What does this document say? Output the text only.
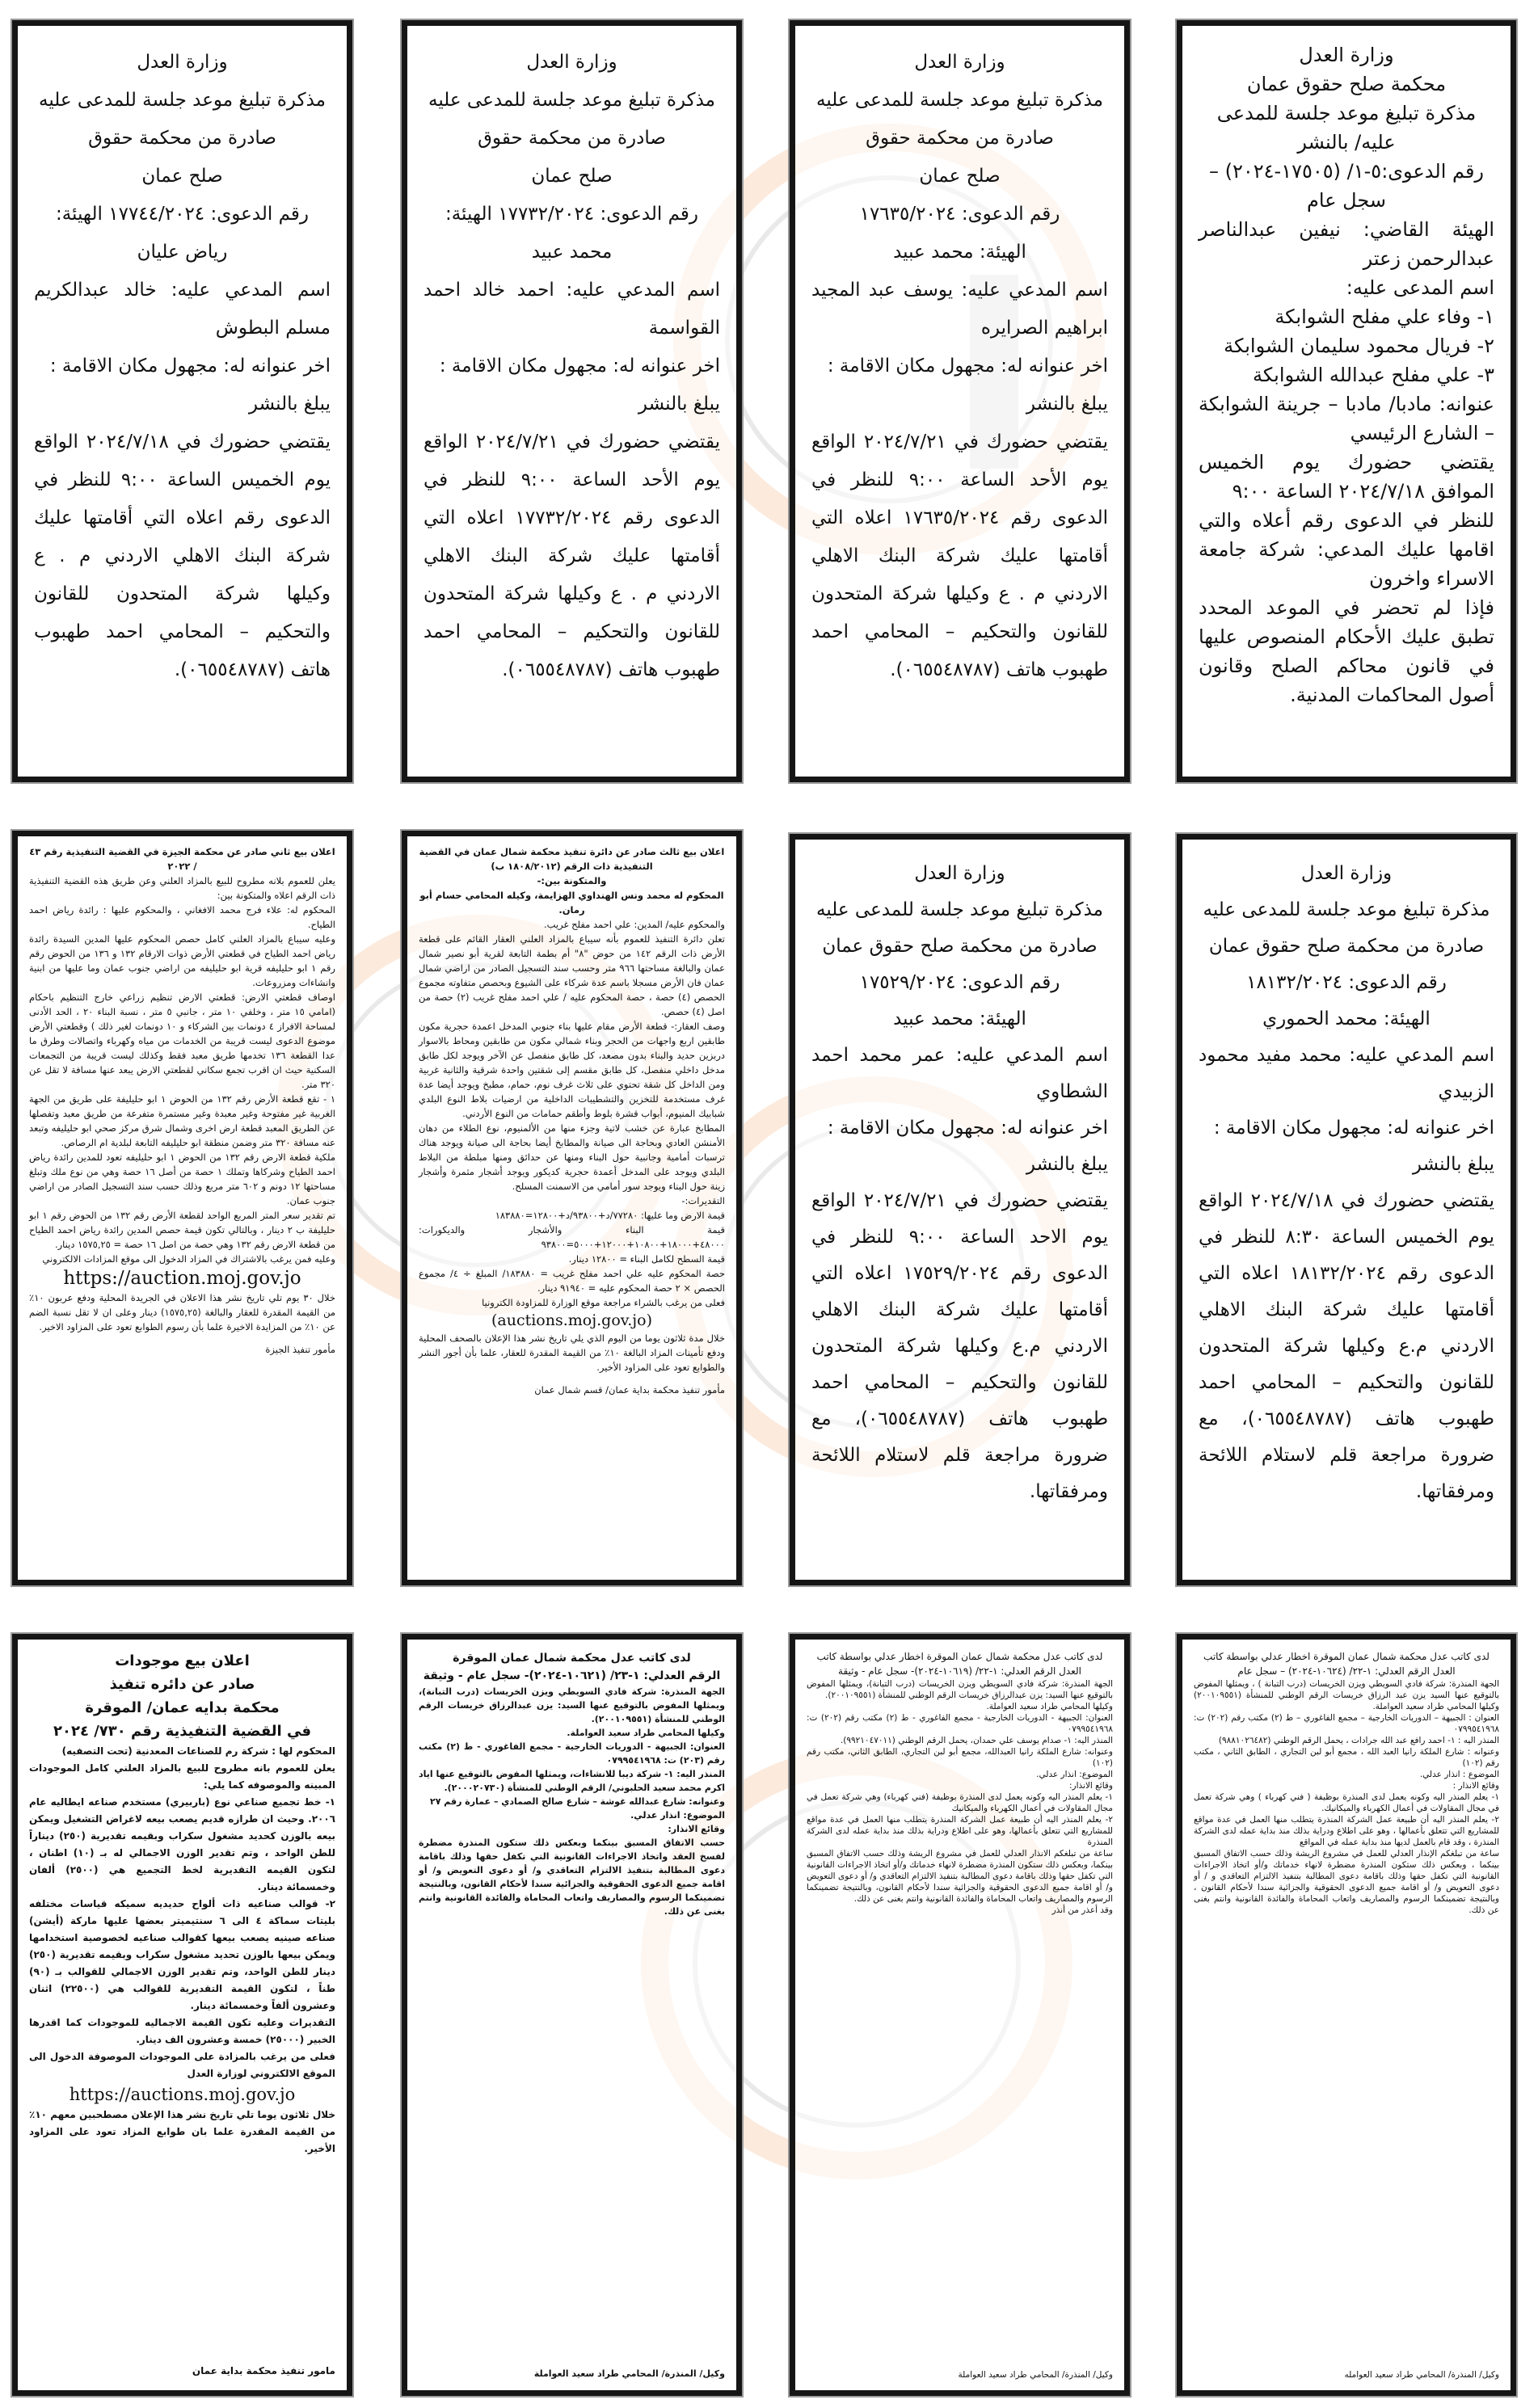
وزارة العدل

محكمة صلح حقوق عمان

مذكرة تبليغ موعد جلسة للمدعى عليه/ بالنشر

رقم الدعوى:٥-١/ (١٧٥٠٥-٢٠٢٤) – سجل عام

الهيئة القاضي: نيفين عبدالناصر عبدالرحمن زعتر

اسم المدعى عليه:

١- وفاء علي مفلح الشوابكة

٢- فريال محمود سليمان الشوابكة

٣- علي مفلح عبدالله الشوابكة

عنوانه: مادبا/ مادبا – جرينة الشوابكة – الشارع الرئيسي

يقتضي حضورك يوم الخميس الموافق ٢٠٢٤/٧/١٨ الساعة ٩:٠٠

للنظر في الدعوى رقم أعلاه والتي اقامها عليك المدعي: شركة جامعة الاسراء واخرون

فإذا لم تحضر في الموعد المحدد تطبق عليك الأحكام المنصوص عليها في قانون محاكم الصلح وقانون أصول المحاكمات المدنية.

وزارة العدل

مذكرة تبليغ موعد جلسة للمدعى عليه

صادرة من محكمة حقوق

صلح عمان

رقم الدعوى: ١٧٦٣٥/٢٠٢٤

الهيئة: محمد عبيد

اسم المدعي عليه: يوسف عبد المجيد ابراهيم الصرايره

اخر عنوانه له: مجهول مكان الاقامة :

يبلغ بالنشر

يقتضي حضورك في ٢٠٢٤/٧/٢١ الواقع يوم الأحد الساعة ٩:٠٠ للنظر في الدعوى رقم ١٧٦٣٥/٢٠٢٤ اعلاه التي أقامتها عليك شركة البنك الاهلي الاردني م . ع وكيلها شركة المتحدون للقانون والتحكيم – المحامي احمد طهبوب هاتف (٠٦٥٥٤٨٧٨٧).

وزارة العدل

مذكرة تبليغ موعد جلسة للمدعى عليه

صادرة من محكمة حقوق

صلح عمان

رقم الدعوى: ١٧٧٣٢/٢٠٢٤ الهيئة:

محمد عبيد

اسم المدعي عليه: احمد خالد احمد القواسمة

اخر عنوانه له: مجهول مكان الاقامة :

يبلغ بالنشر

يقتضي حضورك في ٢٠٢٤/٧/٢١ الواقع يوم الأحد الساعة ٩:٠٠ للنظر في الدعوى رقم ١٧٧٣٢/٢٠٢٤ اعلاه التي أقامتها عليك شركة البنك الاهلي الاردني م . ع وكيلها شركة المتحدون للقانون والتحكيم – المحامي احمد طهبوب هاتف (٠٦٥٥٤٨٧٨٧).

وزارة العدل

مذكرة تبليغ موعد جلسة للمدعى عليه

صادرة من محكمة حقوق

صلح عمان

رقم الدعوى: ١٧٧٤٤/٢٠٢٤ الهيئة:

رياض عليان

اسم المدعي عليه: خالد عبدالكريم مسلم البطوش

اخر عنوانه له: مجهول مكان الاقامة :

يبلغ بالنشر

يقتضي حضورك في ٢٠٢٤/٧/١٨ الواقع يوم الخميس الساعة ٩:٠٠ للنظر في الدعوى رقم اعلاه التي أقامتها عليك شركة البنك الاهلي الاردني م . ع وكيلها شركة المتحدون للقانون والتحكيم – المحامي احمد طهبوب هاتف (٠٦٥٥٤٨٧٨٧).

وزارة العدل

مذكرة تبليغ موعد جلسة للمدعى عليه

صادرة من محكمة صلح حقوق عمان

رقم الدعوى: ١٨١٣٢/٢٠٢٤

الهيئة: محمد الحموري

اسم المدعي عليه: محمد مفيد محمود الزبيدي

اخر عنوانه له: مجهول مكان الاقامة :

يبلغ بالنشر

يقتضي حضورك في ٢٠٢٤/٧/١٨ الواقع يوم الخميس الساعة ٨:٣٠ للنظر في الدعوى رقم ١٨١٣٢/٢٠٢٤ اعلاه التي أقامتها عليك شركة البنك الاهلي الاردني م.ع وكيلها شركة المتحدون للقانون والتحكيم – المحامي احمد طهبوب هاتف (٠٦٥٥٤٨٧٨٧)، مع ضرورة مراجعة قلم لاستلام اللائحة ومرفقاتها.

وزارة العدل

مذكرة تبليغ موعد جلسة للمدعى عليه

صادرة من محكمة صلح حقوق عمان

رقم الدعوى: ١٧٥٢٩/٢٠٢٤

الهيئة: محمد عبيد

اسم المدعي عليه: عمر محمد احمد الشطاوي

اخر عنوانه له: مجهول مكان الاقامة :

يبلغ بالنشر

يقتضي حضورك في ٢٠٢٤/٧/٢١ الواقع يوم الاحد الساعة ٩:٠٠ للنظر في الدعوى رقم ١٧٥٢٩/٢٠٢٤ اعلاه التي أقامتها عليك شركة البنك الاهلي الاردني م.ع وكيلها شركة المتحدون للقانون والتحكيم – المحامي احمد طهبوب هاتف (٠٦٥٥٤٨٧٨٧)، مع ضرورة مراجعة قلم لاستلام اللائحة ومرفقاتها.

اعلان بيع ثالث صادر عن دائرة تنفيذ محكمة شمال عمان في القضية التنفيذية ذات الرقم (١٨٠٨/٢٠١٢ ب)

والمتكونة بين:-

المحكوم له محمد ونس الهنداوي الهزايمة، وكيله المحامي حسام أبو رمان.

والمحكوم عليه/ المدين: علي احمد مفلح غريب.

تعلن دائرة التنفيذ للعموم بأنه سيباع بالمزاد العلني العقار القائم على قطعة الأرض ذات الرقم ١٤٢ من حوض "٨" أم بطمة التابعة لقرية أبو نصير شمال عمان والبالغة مساحتها ٩٦٦ متر وحسب سند التسجيل الصادر من اراضي شمال عمان فان الأرض مسجلا باسم عدة شركاء على الشيوع وبحصص متفاوته مجموع الحصص (٤) حصة ، حصة المحكوم عليه / علي احمد مفلح غريب (٢) حصة من اصل (٤) حصص.

وصف العقار:- قطعة الأرض مقام عليها بناء جنوبي المدخل اعمدة حجرية مكون طابقين اربع واجهات من الحجر وبناء شمالي مكون من طابقين ومحاط بالاسوار دربزين حديد والبناء بدون مصعد، كل طابق منفصل عن الآخر ويوجد لكل طابق مدخل داخلي منفصل، كل طابق مقسم إلى شقتين واحدة شرقية والثانية غربية ومن الداخل كل شقة تحتوي على ثلاث غرف نوم، حمام، مطبخ ويوجد أيضا عدة غرف مستخدمة للتخزين والتشطيبات الداخلية من ارضيات بلاط النوع البلدي شبابيك المنيوم، أبواب قشرة بلوط وأطقم حمامات من النوع الأردني.

المطابخ عبارة عن خشب لاتية وجزء منها من الألمنيوم، نوع الطلاء من دهان الأمنشن العادي وبحاجة الى صيانة والمطابخ أيضا بحاجة الى صيانة ويوجد هناك ترسبات أمامية وجانبية حول البناء ومنها عن حدائق ومنها مبلطة من البلاط البلدي ويوجد على المدخل أعمدة حجرية كديكور ويوجد أشجار مثمرة وأشجار زينة حول البناء ويوجد سور أمامي من الاسمنت المسلح.

التقديرات:-

قيمة الارض وما عليها: ٧٧٢٨٠/د+٩٣٨٠٠/د+١٢٨٠٠=١٨٣٨٨٠

قيمة البناء والأشجار والديكورات: ٤٨٠٠٠+١٨٠٠٠+١٠٨٠٠+١٢٠٠٠+٥٠٠٠=٩٣٨٠٠

قيمة السطح لكامل البناء = ١٢٨٠٠ دينار.

حصة المحكوم عليه علي احمد مفلح غريب = ١٨٣٨٨٠/ المبلغ ÷ ٤/ مجموع الحصص × ٢ حصة المحكوم عليه = ٩١٩٤٠ دينار.

فعلى من يرغب بالشراء مراجعة موقع الوزارة للمزاودة الكترونيا

(auctions.moj.gov.jo)

خلال مدة ثلاثون يوما من اليوم الذي يلي تاريخ نشر هذا الإعلان بالصحف المحلية ودفع تأمينات المزاد البالغة ١٠٪ من القيمة المقدرة للعقار، علما بأن أجور النشر والطوابع تعود على المزاود الأخير.

مأمور تنفيذ محكمة بداية عمان/ قسم شمال عمان

اعلان بيع ثاني صادر عن محكمة الجيزة في القضية التنفيذية رقم ٤٣ / ٢٠٢٢

يعلن للعموم بلانه مطروح للبيع بالمزاد العلني وعن طريق هذه القضية التنفيذية ذات الرقم اعلاه والمتكونة بين:

المحكوم له: علاء فرج محمد الافغاني ، والمحكوم عليها : رائدة رياض احمد الطياح.

وعليه سيباع بالمزاد العلني كامل حصص المحكوم عليها المدين السيدة رائدة رياض احمد الطياح في قطعتي الأرض ذوات الارقام ١٣٢ و ١٣٦ من الحوض رقم رقم ١ ابو حليليفه قرية ابو حليليفه من اراضي جنوب عمان وما عليها من ابنية وانشاءات ومزروعات.

اوصاف قطعتي الارض: قطعتي الارض تنظيم زراعي خارج التنظيم باحكام (امامي ١٥ متر ، وخلفي ١٠ متر ، جانبي ٥ متر ، نسبة البناء ٢٠ ، الحد الأدنى لمساحة الافراز ٤ دونمات بين الشركاء و ١٠ دونمات لغير ذلك ) وقطعتي الأرض موضوع الدعوى ليست قريبة من الخدمات من مياه وكهرباء واتصالات وطرق ما عدا القطعة ١٣٦ تخدمها طريق معبد فقط وكذلك ليست قريبة من التجمعات السكنية حيث ان اقرب تجمع سكاني لقطعتي الارض يبعد عنها مسافة لا تقل عن ٣٢٠ متر.

١ - تقع قطعة الأرض رقم ١٣٢ من الحوض ١ ابو حليليفة على طريق من الجهة الغربية غير مفتوحة وغير معبدة وغير مستمرة متفرعة من طريق معبد وتفصلها عن الطريق المعبد قطعة ارض اخرى وشمال شرق مركز صحي ابو حليليفه وتبعد عنه مسافة ٣٢٠ متر وضمن منطقة ابو حليليفه التابعة لبلدية ام الرصاص.

ملكية قطعة الارض رقم ١٣٢ من الحوض ١ ابو حليليفه تعود للمدين رائدة رياض احمد الطياح وشركاها وتملك ١ حصة من أصل ١٦ حصة وهي من نوع ملك وتبلغ مساحتها ١٢ دونم و ٦٠٢ متر مربع وذلك حسب سند التسجيل الصادر من اراضي جنوب عمان.

تم تقدير سعر المتر المربع الواحد لقطعة الأرض رقم ١٣٢ من الحوض رقم ١ ابو حليليفة ب ٢ دينار ، وبالتالي تكون قيمة حصص المدين رائدة رياض احمد الطياح من قطعة الارض رقم ١٣٢ وهي حصة من اصل ١٦ حصة = ١٥٧٥,٢٥ دينار.

وعليه فمن يرغب بالاشتراك في المزاد الدخول الى موقع المزادات الالكتروني

https://auction.moj.gov.jo

خلال ٣٠ يوم تلي تاريخ نشر هذا الاعلان في الجريدة المحلية ودفع عربون ١٠٪ من القيمة المقدرة للعقار والبالغة (١٥٧٥,٢٥) دينار وعلى ان لا تقل نسبة الضم عن ١٠٪ من المزايدة الاخيرة علما بأن رسوم الطوابع تعود على المزاود الاخير.

مأمور تنفيذ الجيزة

اعلان بيع موجودات

صادر عن دائره تنفيذ

محكمة بدايه عمان/ الموقرة

في القضية التنفيذية رقم ٧٣٠/ ٢٠٢٤

المحكوم لها : شركة رم للصناعات المعدنية (تحت التصفيه)

يعلن للعموم بانه مطروح للبيع بالمزاد العلني كامل الموجودات المبينه والموصوفه كما يلي:

١- خط تجميع صناعي نوع (باربيري) مستخدم صناعه ايطاليه عام ٢٠٠٦. وحيث ان طرازه قديم يصعب بيعه لاغراض التشغيل ويمكن بيعه بالوزن كحديد مشغول سكراب وبقيمه تقديرية (٢٥٠) ديناراً للطن الواحد ، وتم تقدير الوزن الاجمالي له بـ (١٠) اطنان ، لتكون القيمه التقديرية لخط التجميع هي (٢٥٠٠) ألفان وخمسمائة دينار.

٢- قوالب صناعيه ذات ألواح حديديه سميكه قياسات مختلفه بليتات سماكة ٤ الى ٦ سنتيميتر بعضها عليها ماركة (أيشن) صناعه صينيه يصعب بيعها كقوالب صناعيه لخصوصية استخدامها ويمكن بيعها بالوزن تحديد مشغول سكراب وبقيمه تقديرية (٢٥٠) دينار للطن الواحد، وتم تقدير الوزن الاجمالي للقوالب بـ (٩٠) طناً ، لتكون القيمة التقديرية للقوالب هي (٢٢٥٠٠) اثنان وعشرون ألفاً وخمسمائة دينار.

التقديرات وعليه تكون القيمة الاجماليه للموجودات كما اقدرها الخبير (٢٥٠٠٠) خمسة وعشرون الف دينار.

فعلى من يرغب بالمزادة على الموجودات الموصوفة الدخول الى الموقع الالكتروني لوزارة العدل

https://auctions.moj.gov.jo

خلال ثلاثون يوما تلي تاريخ نشر هذا الإعلان مصطحبين معهم ١٠٪ من القيمة المقدرة علما بان طوابع المزاد تعود على المزاود الأخير.

مامور تنفيذ محكمة بداية عمان

لدى كاتب عدل محكمة شمال عمان الموقرة

الرقم العدلي: ١-٢٣/ (١٠٦٢١-٢٠٢٤)- سجل عام - وثيقة

الجهة المنذرة: شركة فادي السويطي ويزن الخريسات (درب التبانة)، ويمثلها المفوض بالتوقيع عنها السيد: يزن عبدالرزاق خريسات الرقم الوطني للمنشأة (٢٠٠١٠٩٥٥١).

وكيلها المحامي طراد سعيد العواملة.

العنوان: الجبيهة - الدوريات الخارجية - مجمع الفاغوري - ط (٢) مكتب رقم (٢٠٣) ت: ٠٧٩٩٥٤١٩٦٨

المنذر اليه: ١- شركة ديبا للانشاءات، ويمثلها المفوض بالتوقيع عنها اياد اكرم محمد سعيد الحلبوني/ الرقم الوطني للمنشأة (٢٠٠٠٢٠٧٣٠).

وعنوانه: شارع عبدالله غوشة – شارع صالح الصمادي – عمارة رقم ٢٧

الموضوع: انذار عدلي.

وقائع الانذار:

حسب الاتفاق المسبق بينكما وبعكس ذلك ستكون المنذرة مضطرة لفسخ العقد واتخاذ الاجراءات القانونية التي تكفل حقها وذلك باقامة دعوى المطالبة بتنفيذ الالتزام التعاقدي و/ أو دعوى التعويض و/ أو اقامة جميع الدعوى الحقوقية والجزائية سندا لأحكام القانون، وبالنتيجة تضمينكما الرسوم والمصاريف واتعاب المحاماة والفائدة القانونية وانتم بغنى عن ذلك.

وكيل/ المنذرة/ المحامي طراد سعيد العواملة

لدى كاتب عدل محكمة شمال عمان الموقرة اخطار عدلي بواسطة كاتب العدل الرقم العدلي: ١-٢٢/ (١٠٦١٩-٢٠٢٤)- سجل عام - وثيقة

الجهة المنذرة: شركة فادي السويطي ويزن الخريسات (درب التبانة)، ويمثلها المفوض بالتوقيع عنها السيد: يزن عبدالرزاق خريسات الرقم الوطني للمنشأة (٢٠٠١٠٩٥٥١).

وكيلها المحامي طراد سعيد العواملة.

العنوان: الجبيهة - الدوريات الخارجية - مجمع الفاغوري - ط (٢) مكتب رقم (٢٠٢) ت: ٠٧٩٩٥٤١٩٦٨

المنذر اليه: ١- صدام يوسف علي حمدان، يحمل الرقم الوطني (٩٩٢١٠٤٧٠١١).

وعنوانه: شارع الملكة رانيا العبدالله، مجمع أبو لبن التجاري، الطابق الثاني، مكتب رقم (١٠٢)

الموضوع: انذار عدلي.

وقائع الانذار:

١- يعلم المنذر اليه وكونه يعمل لدى المنذرة بوظيفة (فني كهرباء) وهي شركة تعمل في مجال المقاولات في أعمال الكهرباء والميكانيك

٢- يعلم المنذر اليه أن طبيعة عمل الشركة المنذرة يتطلب منها العمل في عدة مواقع للمشاريع التي تتعلق بأعمالها، وهو على اطلاع ودراية بذلك منذ بداية عمله لدى الشركة المنذرة

ساعة من تبلغكم الانذار العدلي للعمل في مشروع الريشة وذلك حسب الاتفاق المسبق بينكما، وبعكس ذلك ستكون المنذرة مضطرة لانهاء خدماتك و/أو اتخاذ الاجراءات القانونية التي تكفل حقها وذلك باقامة دعوى المطالبة بتنفيذ الالتزام التعاقدي و/ أو دعوى التعويض و/ أو اقامة جميع الدعوى الحقوقية والجزائية سندا لأحكام القانون، وبالنتيجة تضمينكما الرسوم والمصاريف واتعاب المحاماة والفائدة القانونية وانتم بغنى عن ذلك.

وقد أعذر من أنذر

وكيل/ المنذرة/ المحامي طراد سعيد العواملة

لدى كاتب عدل محكمة شمال عمان الموقرة اخطار عدلي بواسطة كاتب العدل الرقم العدلي: ١-٢٢/ (١٠٦٢٤-٢٠٢٤) – سجل عام

الجهة المنذرة: شركة فادي السويطي ويزن الخريسات (درب التبانة ) ، ويمثلها المفوض بالتوقيع عنها السيد يزن عبد الرزاق خريسات الرقم الوطني للمنشأة (٢٠٠١٠٩٥٥١) وكيلها المحامي طراد سعيد العواملة.

العنوان : الجبيهة – الدوريات الخارجية – مجمع الفاغوري – ط (٢) مكتب رقم (٢٠٢) ت: ٠٧٩٩٥٤١٩٦٨

المنذر اليه : ١- احمد رافع عبد الله جرادات ، يحمل الرقم الوطني (٩٨٨١٠٢٦٤٨٢)

وعنوانه : شارع الملكة رانيا العبد الله ، مجمع أبو لبن التجاري ، الطابق الثاني ، مكتب رقم (١٠٢)

الموضوع : انذار عدلي.

وقائع الانذار :

١- يعلم المنذر اليه وكونه يعمل لدى المنذرة بوظيفة ( فني كهرباء ) وهي شركة تعمل في مجال المقاولات في أعمال الكهرباء والميكانيك.

٢- يعلم المنذر اليه أن طبيعة عمل الشركة المنذرة يتطلب منها العمل في عدة مواقع للمشاريع التي تتعلق بأعمالها ، وهو على اطلاع ودراية بذلك منذ بداية عمله لدى الشركة المنذرة ، وقد قام بالعمل لديها منذ بداية عمله في المواقع

ساعة من تبلغكم الإنذار العدلي للعمل في مشروع الريشة وذلك حسب الاتفاق المسبق بينكما ، وبعكس ذلك ستكون المنذرة مضطرة لانهاء خدماتك و/أو اتخاذ الاجراءات القانونية التي تكفل حقها وذلك باقامة دعوى المطالبة بتنفيذ الالتزام التعاقدي و / أو دعوى التعويض و/ أو اقامة جميع الدعوى الحقوقية والجزائية سندا لأحكام القانون ، وبالنتيجة تضمينكما الرسوم والمصاريف واتعاب المحاماة والفائدة القانونية وانتم بغنى عن ذلك.

وكيل/ المنذرة/ المحامي طراد سعيد العوامله
